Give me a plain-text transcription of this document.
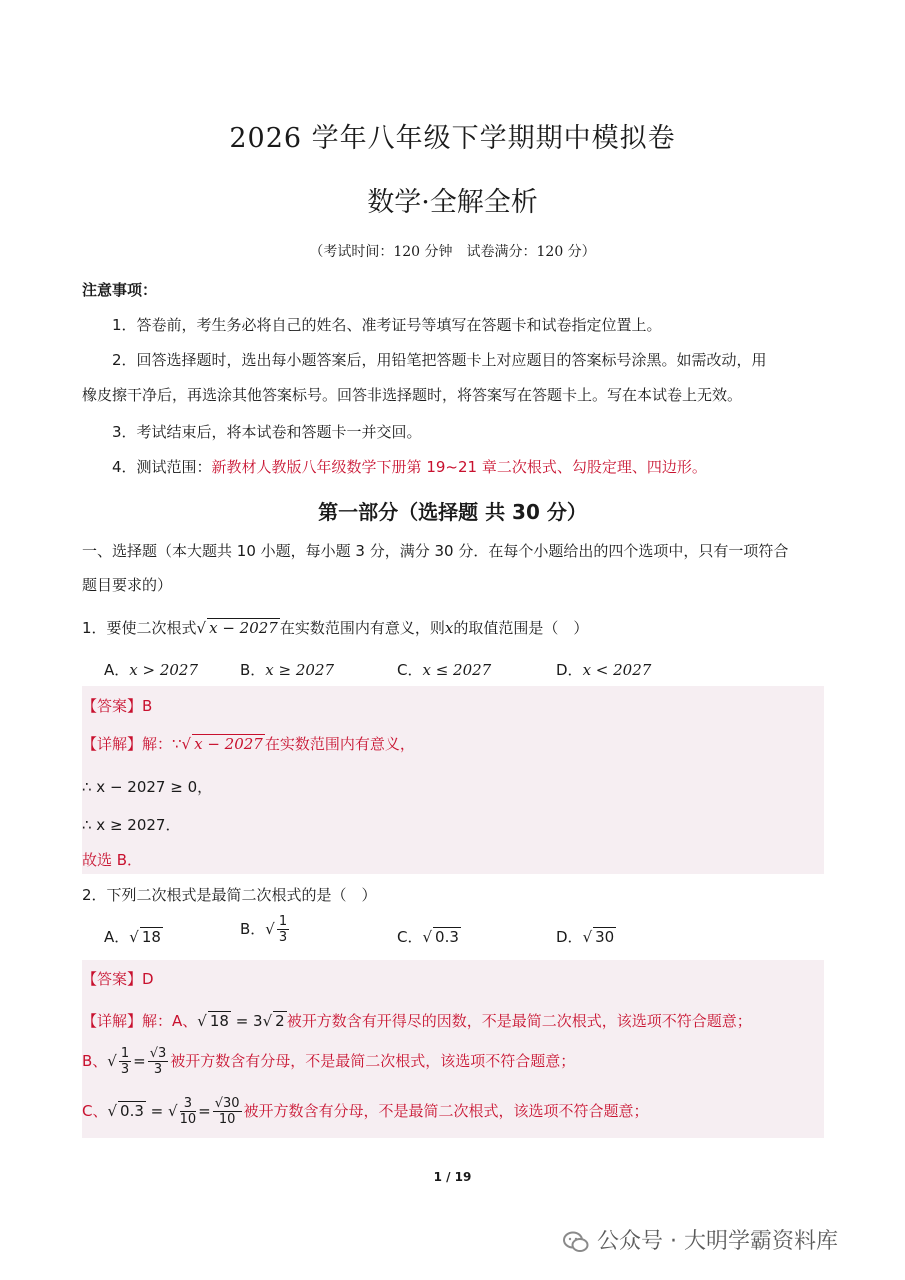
2026 学年八年级下学期期中模拟卷
数学·全解全析
（考试时间：120 分钟　试卷满分：120 分）
注意事项：
1．答卷前，考生务必将自己的姓名、准考证号等填写在答题卡和试卷指定位置上。
2．回答选择题时，选出每小题答案后，用铅笔把答题卡上对应题目的答案标号涂黑。如需改动，用
橡皮擦干净后，再选涂其他答案标号。回答非选择题时，将答案写在答题卡上。写在本试卷上无效。
3．考试结束后，将本试卷和答题卡一并交回。
4．测试范围：新教材人教版八年级数学下册第 19~21 章二次根式、勾股定理、四边形。
第一部分（选择题 共 30 分）
一、选择题（本大题共 10 小题，每小题 3 分，满分 30 分．在每个小题给出的四个选项中，只有一项符合
题目要求的）
1．要使二次根式√ x − 2027 在实数范围内有意义，则x的取值范围是（　）
A．x > 2027	B．x ≥ 2027	C．x ≤ 2027	D．x < 2027
【答案】B
【详解】解：∵√ x − 2027 在实数范围内有意义，
∴ x − 2027 ≥ 0，
∴ x ≥ 2027．
故选 B．
2．下列二次根式是最简二次根式的是（　）
A．√ 18	B．√ $\frac{1}{3}$	C．√ 0.3	D．√ 30
【答案】D
【详解】解：A、√ 18 = 3√ 2 被开方数含有开得尽的因数，不是最简二次根式，该选项不符合题意；
B、√ $\frac{1}{3} = \frac{√3}{3}$ 被开方数含有分母，不是最简二次根式，该选项不符合题意；
C、√ 0.3 = √ $\frac{3}{10} = \frac{√30}{10}$ 被开方数含有分母，不是最简二次根式，该选项不符合题意；
1 / 19
公众号 · 大明学霸资料库
